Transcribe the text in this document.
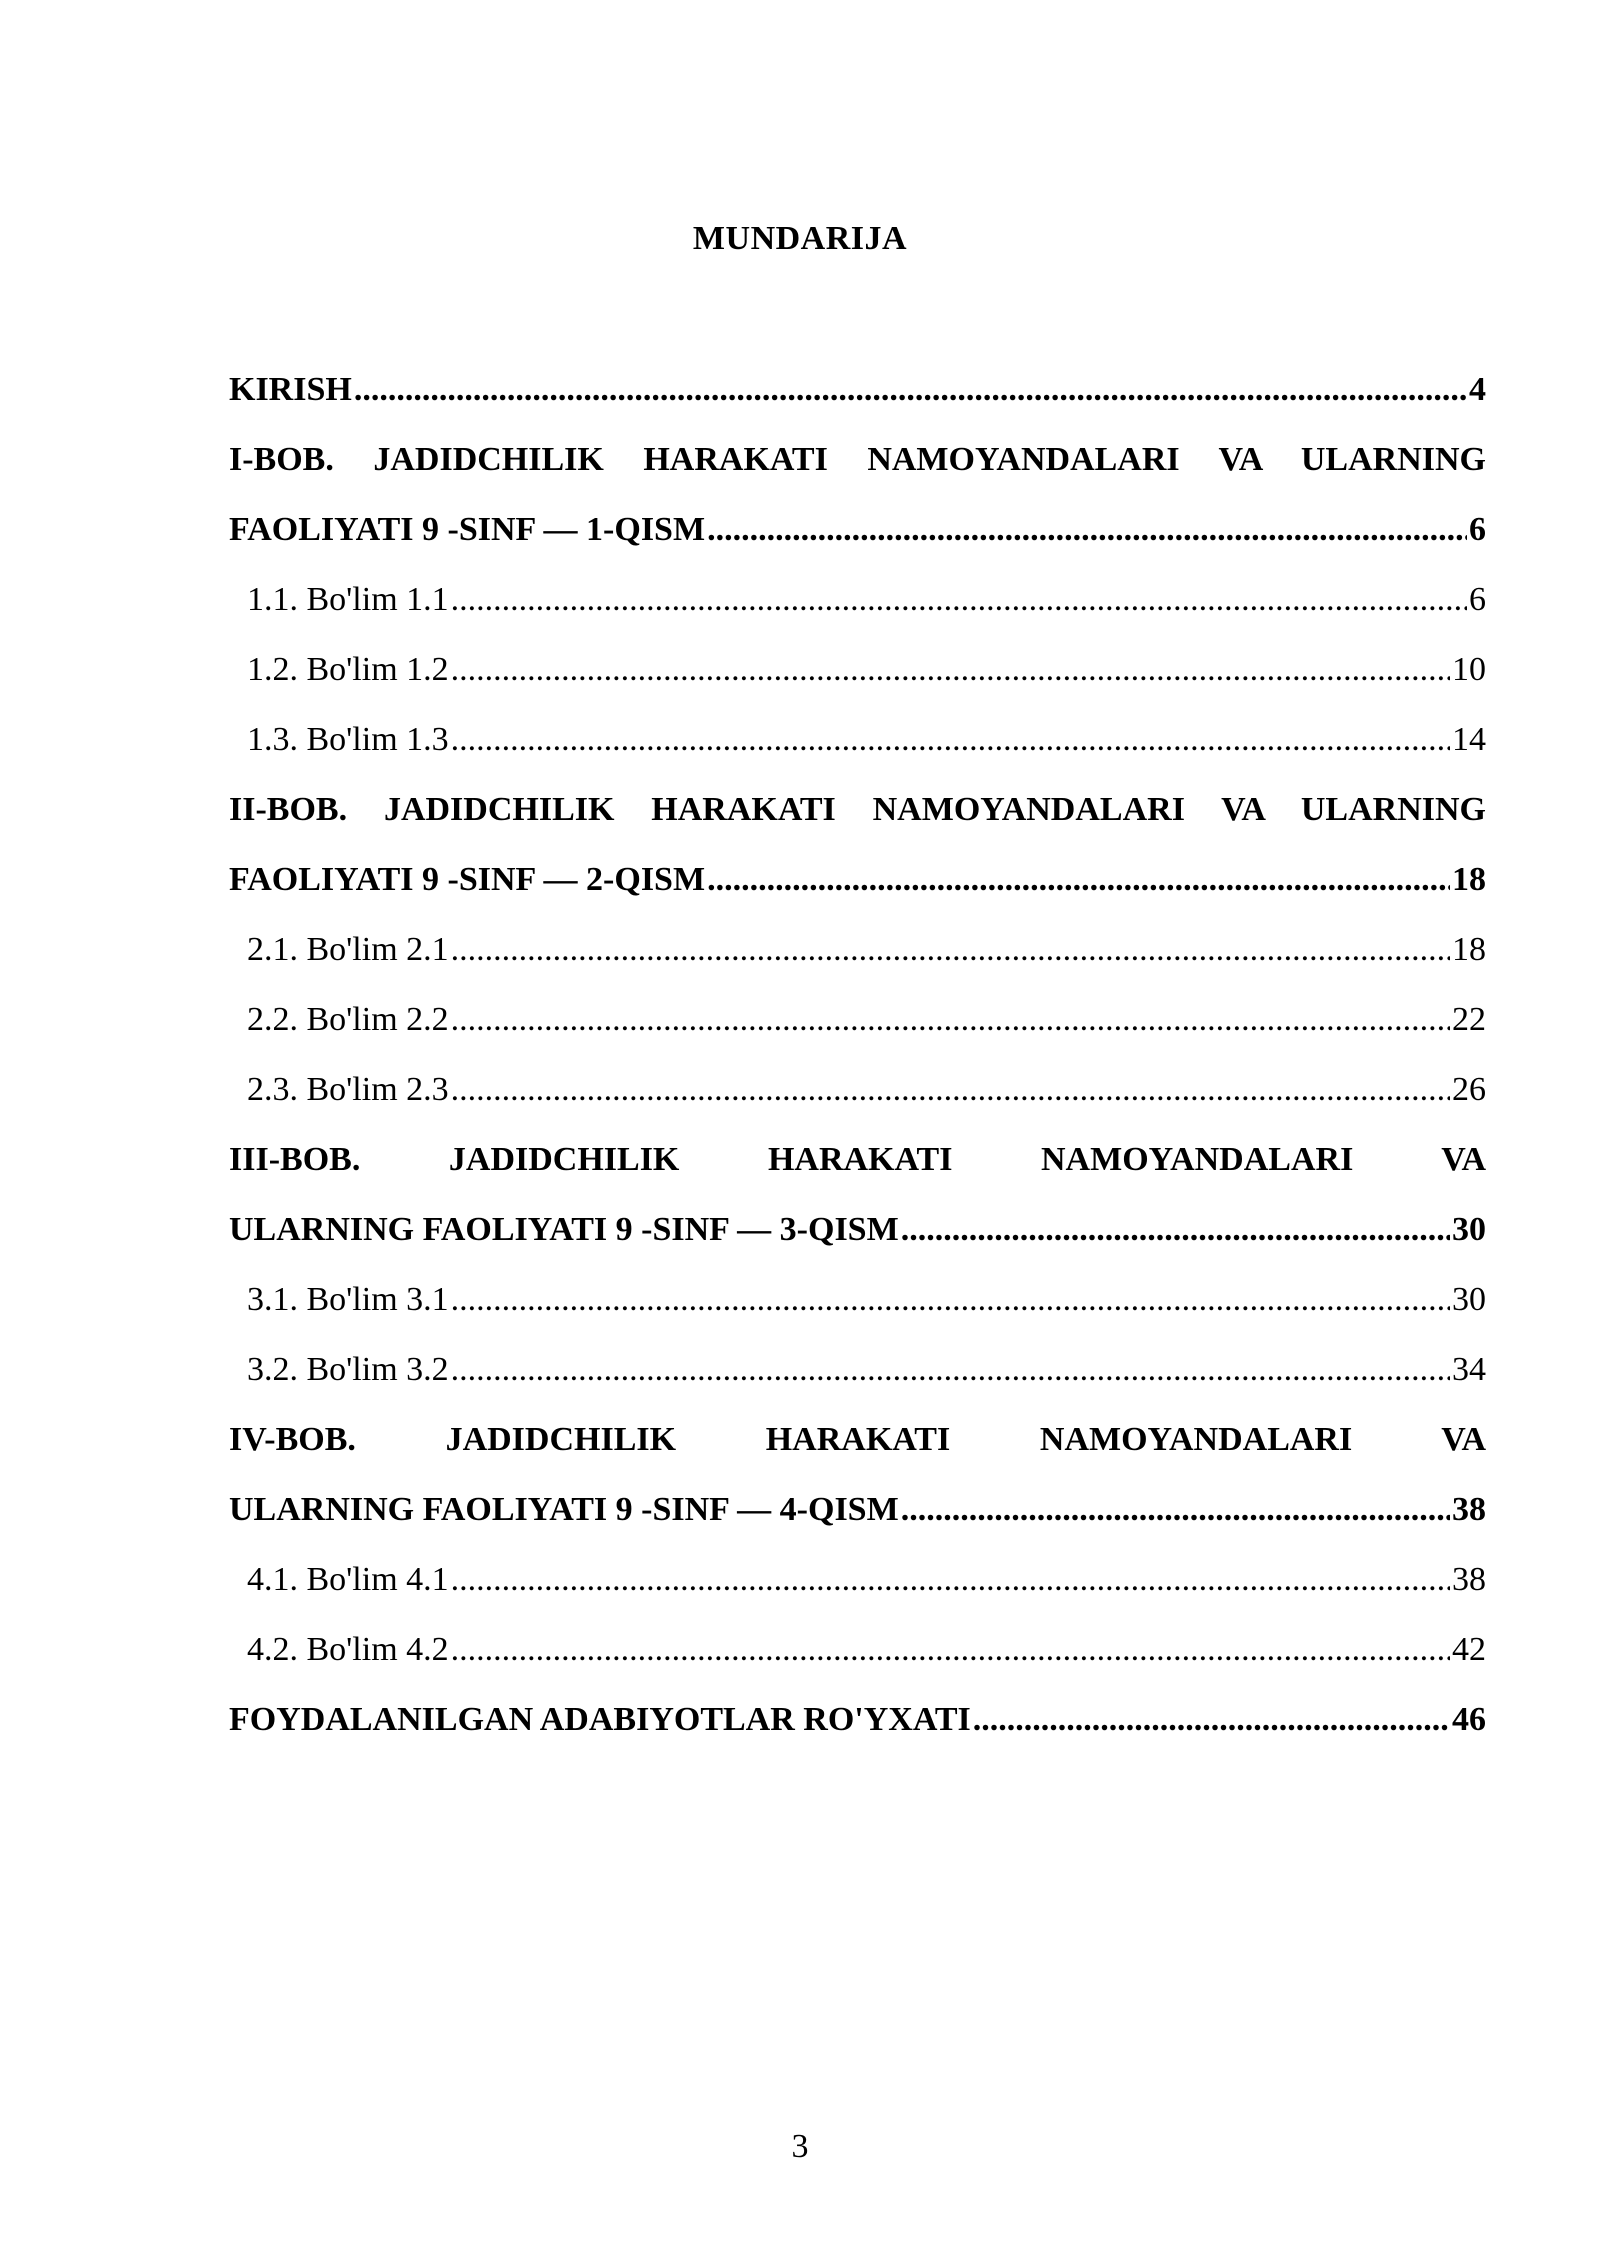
MUNDARIJA
KIRISH .....	4
I-BOB. JADIDCHILIK HARAKATI NAMOYANDALARI VA ULARNING
FAOLIYATI 9 -SINF — 1-QISM .....	6
1.1. Bo'lim 1.1 .....	6
1.2. Bo'lim 1.2 .....	10
1.3. Bo'lim 1.3 .....	14
II-BOB. JADIDCHILIK HARAKATI NAMOYANDALARI VA ULARNING
FAOLIYATI 9 -SINF — 2-QISM .....	18
2.1. Bo'lim 2.1 .....	18
2.2. Bo'lim 2.2 .....	22
2.3. Bo'lim 2.3 .....	26
III-BOB. JADIDCHILIK HARAKATI NAMOYANDALARI VA
ULARNING FAOLIYATI 9 -SINF — 3-QISM .....	30
3.1. Bo'lim 3.1 .....	30
3.2. Bo'lim 3.2 .....	34
IV-BOB. JADIDCHILIK HARAKATI NAMOYANDALARI VA
ULARNING FAOLIYATI 9 -SINF — 4-QISM .....	38
4.1. Bo'lim 4.1 .....	38
4.2. Bo'lim 4.2 .....	42
FOYDALANILGAN ADABIYOTLAR RO'YXATI .....	46

3
